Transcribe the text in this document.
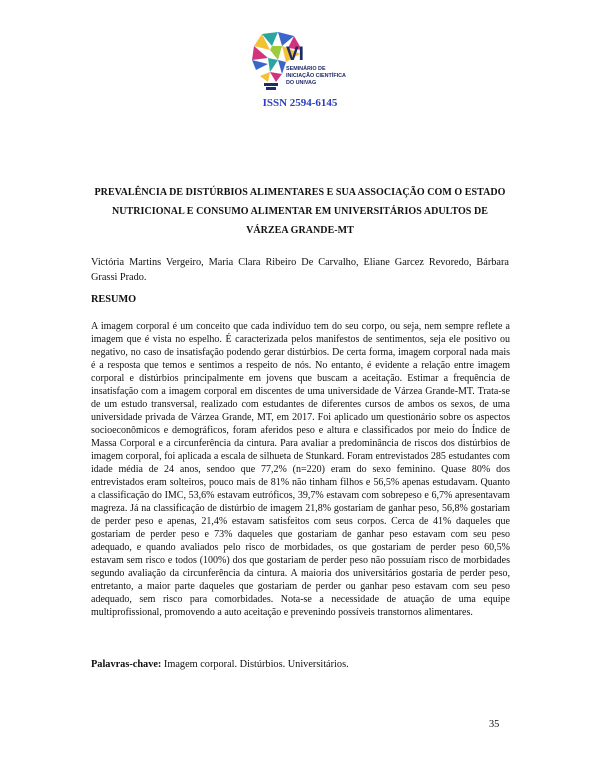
VI
SEMINÁRIO DE
INICIAÇÃO CIENTÍFICA
DO UNIVAG
ISSN 2594-6145
PREVALÊNCIA DE DISTÚRBIOS ALIMENTARES E SUA ASSOCIAÇÃO COM O ESTADO NUTRICIONAL E CONSUMO ALIMENTAR EM UNIVERSITÁRIOS ADULTOS DE VÁRZEA GRANDE-MT
Victória Martins Vergeiro, Maria Clara Ribeiro De Carvalho, Eliane Garcez Revoredo, Bárbara Grassi Prado.
RESUMO

A imagem corporal é um conceito que cada indivíduo tem do seu corpo, ou seja, nem sempre reflete a imagem que é vista no espelho. É caracterizada pelos manifestos de sentimentos, seja ele positivo ou negativo, no caso de insatisfação podendo gerar distúrbios. De certa forma, imagem corporal nada mais é a resposta que temos e sentimos a respeito de nós. No entanto, é evidente a relação entre imagem corporal e distúrbios principalmente em jovens que buscam a aceitação. Estimar a frequência de insatisfação com a imagem corporal em discentes de uma universidade de Várzea Grande-MT. Trata-se de um estudo transversal, realizado com estudantes de diferentes cursos de ambos os sexos, de uma universidade privada de Várzea Grande, MT, em 2017. Foi aplicado um questionário sobre os aspectos socioeconômicos e demográficos, foram aferidos peso e altura e classificados por meio do Índice de Massa Corporal e a circunferência da cintura. Para avaliar a predominância de riscos dos distúrbios de imagem corporal, foi aplicada a escala de silhueta de Stunkard. Foram entrevistados 285 estudantes com idade média de 24 anos, sendoo que 77,2% (n=220) eram do sexo feminino. Quase 80% dos entrevistados eram solteiros, pouco mais de 81% não tinham filhos e 56,5% apenas estudavam. Quanto a classificação do IMC, 53,6% estavam eutróficos, 39,7% estavam com sobrepeso e 6,7% apresentavam magreza. Já na classificação de distúrbio de imagem 21,8% gostariam de ganhar peso, 56,8% gostariam de perder peso e apenas, 21,4% estavam satisfeitos com seus corpos. Cerca de 41% daqueles que gostariam de perder peso e 73% daqueles que gostariam de ganhar peso estavam com seu peso adequado, e quando avaliados pelo risco de morbidades, os que gostariam de perder peso 60,5% estavam sem risco e todos (100%) dos que gostariam de perder peso não possuíam risco de morbidades segundo avaliação da circunferência da cintura. A maioria dos universitários gostaria de perder peso, entretanto, a maior parte daqueles que gostariam de perder ou ganhar peso estavam com seu peso adequado, sem risco para comorbidades. Nota-se a necessidade de atuação de uma equipe multiprofissional, promovendo a auto aceitação e prevenindo possíveis transtornos alimentares.

Palavras-chave: Imagem corporal. Distúrbios. Universitários.
35
